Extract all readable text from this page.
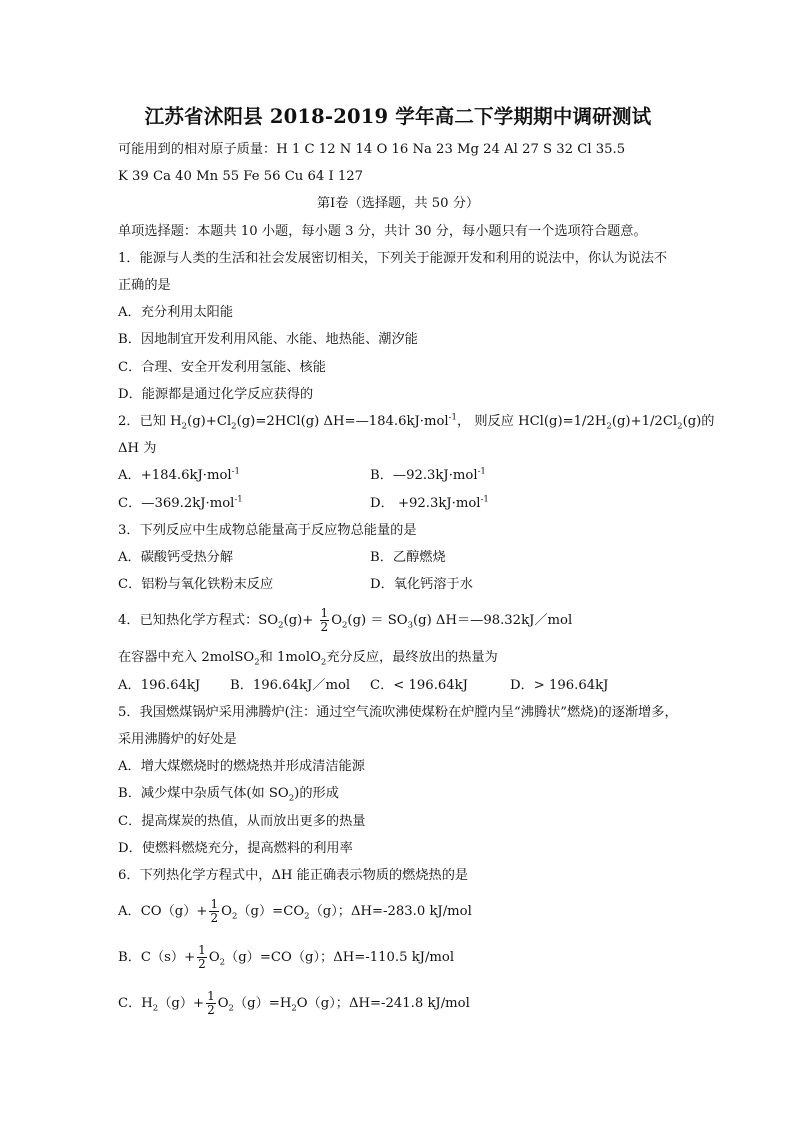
江苏省沭阳县 2018-2019 学年高二下学期期中调研测试
可能用到的相对原子质量：H 1 C 12 N 14 O 16 Na 23 Mg 24 Al 27 S 32 Cl 35.5
K 39 Ca 40 Mn 55 Fe 56 Cu 64 I 127
第Ⅰ卷（选择题，共 50 分）
单项选择题：本题共 10 小题，每小题 3 分，共计 30 分，每小题只有一个选项符合题意。
1．能源与人类的生活和社会发展密切相关，下列关于能源开发和利用的说法中，你认为说法不正确的是
A．充分利用太阳能
B．因地制宜开发利用风能、水能、地热能、潮汐能
C．合理、安全开发利用氢能、核能
D．能源都是通过化学反应获得的
2．已知 $H_2(g)+Cl_2(g)=2HCl(g)$ ΔH=—184.6kJ·mol$^{-1}$， 则反应 $HCl(g)=1/2H_2(g)+1/2Cl_2(g)$的
ΔH 为
A．+184.6kJ·mol$^{-1}$	B．—92.3kJ·mol$^{-1}$
C．—369.2kJ·mol$^{-1}$	D． +92.3kJ·mol$^{-1}$
3．下列反应中生成物总能量高于反应物总能量的是
A．碳酸钙受热分解	B．乙醇燃烧
C．铝粉与氧化铁粉末反应	D．氧化钙溶于水
4．已知热化学方程式：$SO_2(g)+ \frac{1}{2} O_2(g) = SO_3(g)$ ΔH＝—98.32kJ／mol
在容器中充入 2molSO$_2$和 1molO$_2$充分反应，最终放出的热量为
A．196.64kJ	B．196.64kJ／mol	C．< 196.64kJ	D．> 196.64kJ
5．我国燃煤锅炉采用沸腾炉(注：通过空气流吹沸使煤粉在炉膛内呈“沸腾状”燃烧)的逐渐增多，采用沸腾炉的好处是
A．增大煤燃烧时的燃烧热并形成清洁能源
B．减少煤中杂质气体(如 $SO_2$)的形成
C．提高煤炭的热值，从而放出更多的热量
D．使燃料燃烧充分，提高燃料的利用率
6．下列热化学方程式中，ΔH 能正确表示物质的燃烧热的是
A．$CO(g)+ \frac{1}{2} O_2(g)=CO_2(g)$；ΔH=-283.0 kJ/mol
B．$C(s)+ \frac{1}{2} O_2(g)=CO(g)$；ΔH=-110.5 kJ/mol
C．$H_2(g)+ \frac{1}{2} O_2(g)=H_2O(g)$；ΔH=-241.8 kJ/mol
